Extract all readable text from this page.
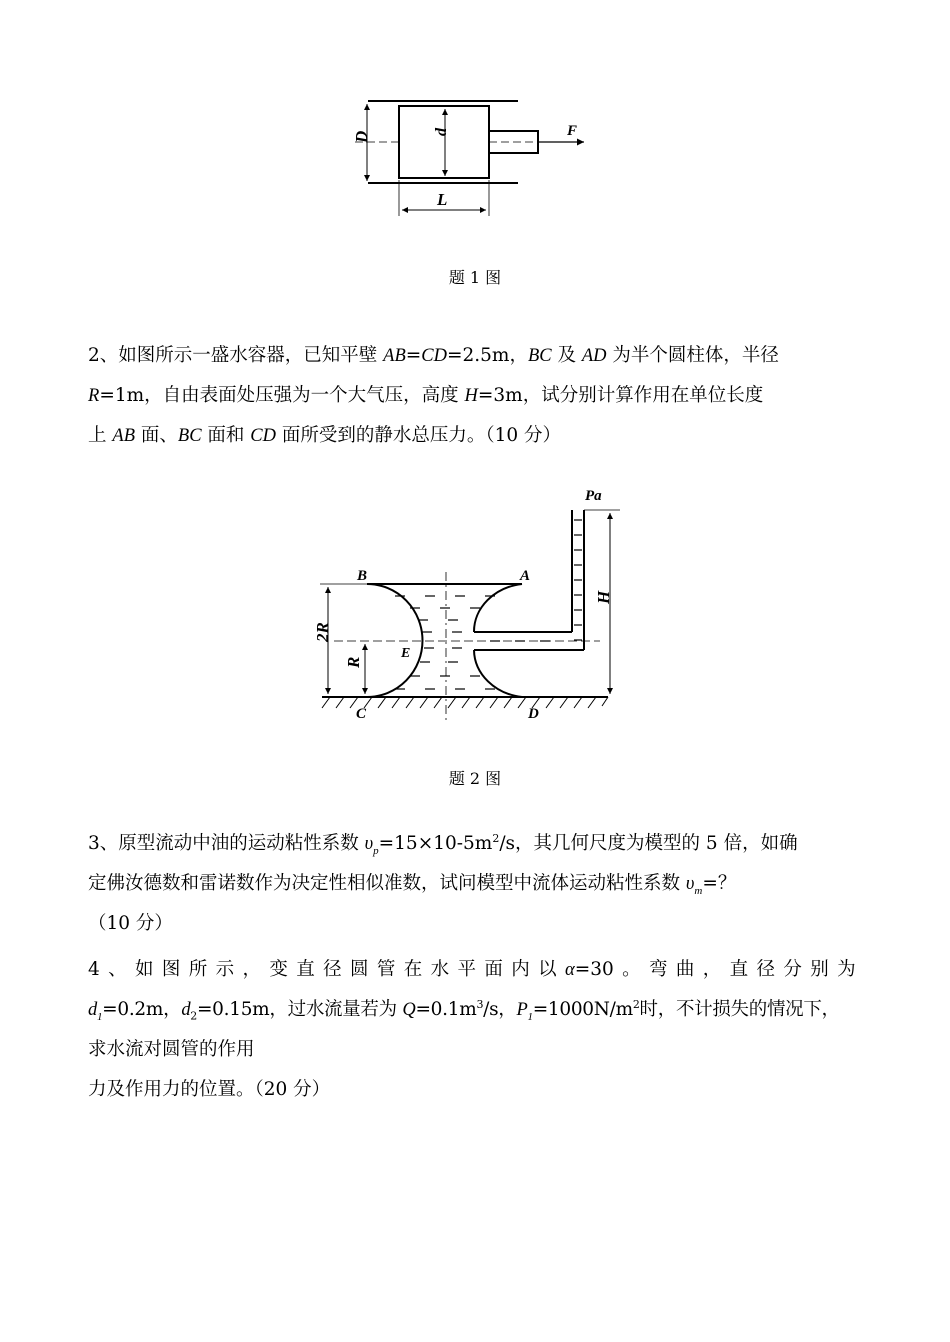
D	d
L
F
题 1 图
2、如图所示一盛水容器，已知平壁 AB=CD=2.5m，BC 及 AD 为半个圆柱体，半径
R=1m，自由表面处压强为一个大气压，高度 H=3m，试分别计算作用在单位长度
上 AB 面、BC 面和 CD 面所受到的静水总压力。（10 分）
Pa
B	A
C	D
E
H
R
2R
题 2 图
3、原型流动中油的运动粘性系数 $\upsilon_p=15\times 10-5m^2/s$，其几何尺度为模型的 5 倍，如确
定佛汝德数和雷诺数作为决定性相似准数，试问模型中流体运动粘性系数 $\upsilon_m=$？
（10 分）
4 、 如 图 所 示 ， 变 直 径 圆 管 在 水 平 面 内 以 α=30 。 弯 曲 ， 直 径 分 别 为
$d_1=0.2m$，$d_2=0.15m$，过水流量若为 $Q=0.1m^3/s$，$P_1=1000N/m^2$时，不计损失的情况下，
求水流对圆管的作用
力及作用力的位置。（20 分）
